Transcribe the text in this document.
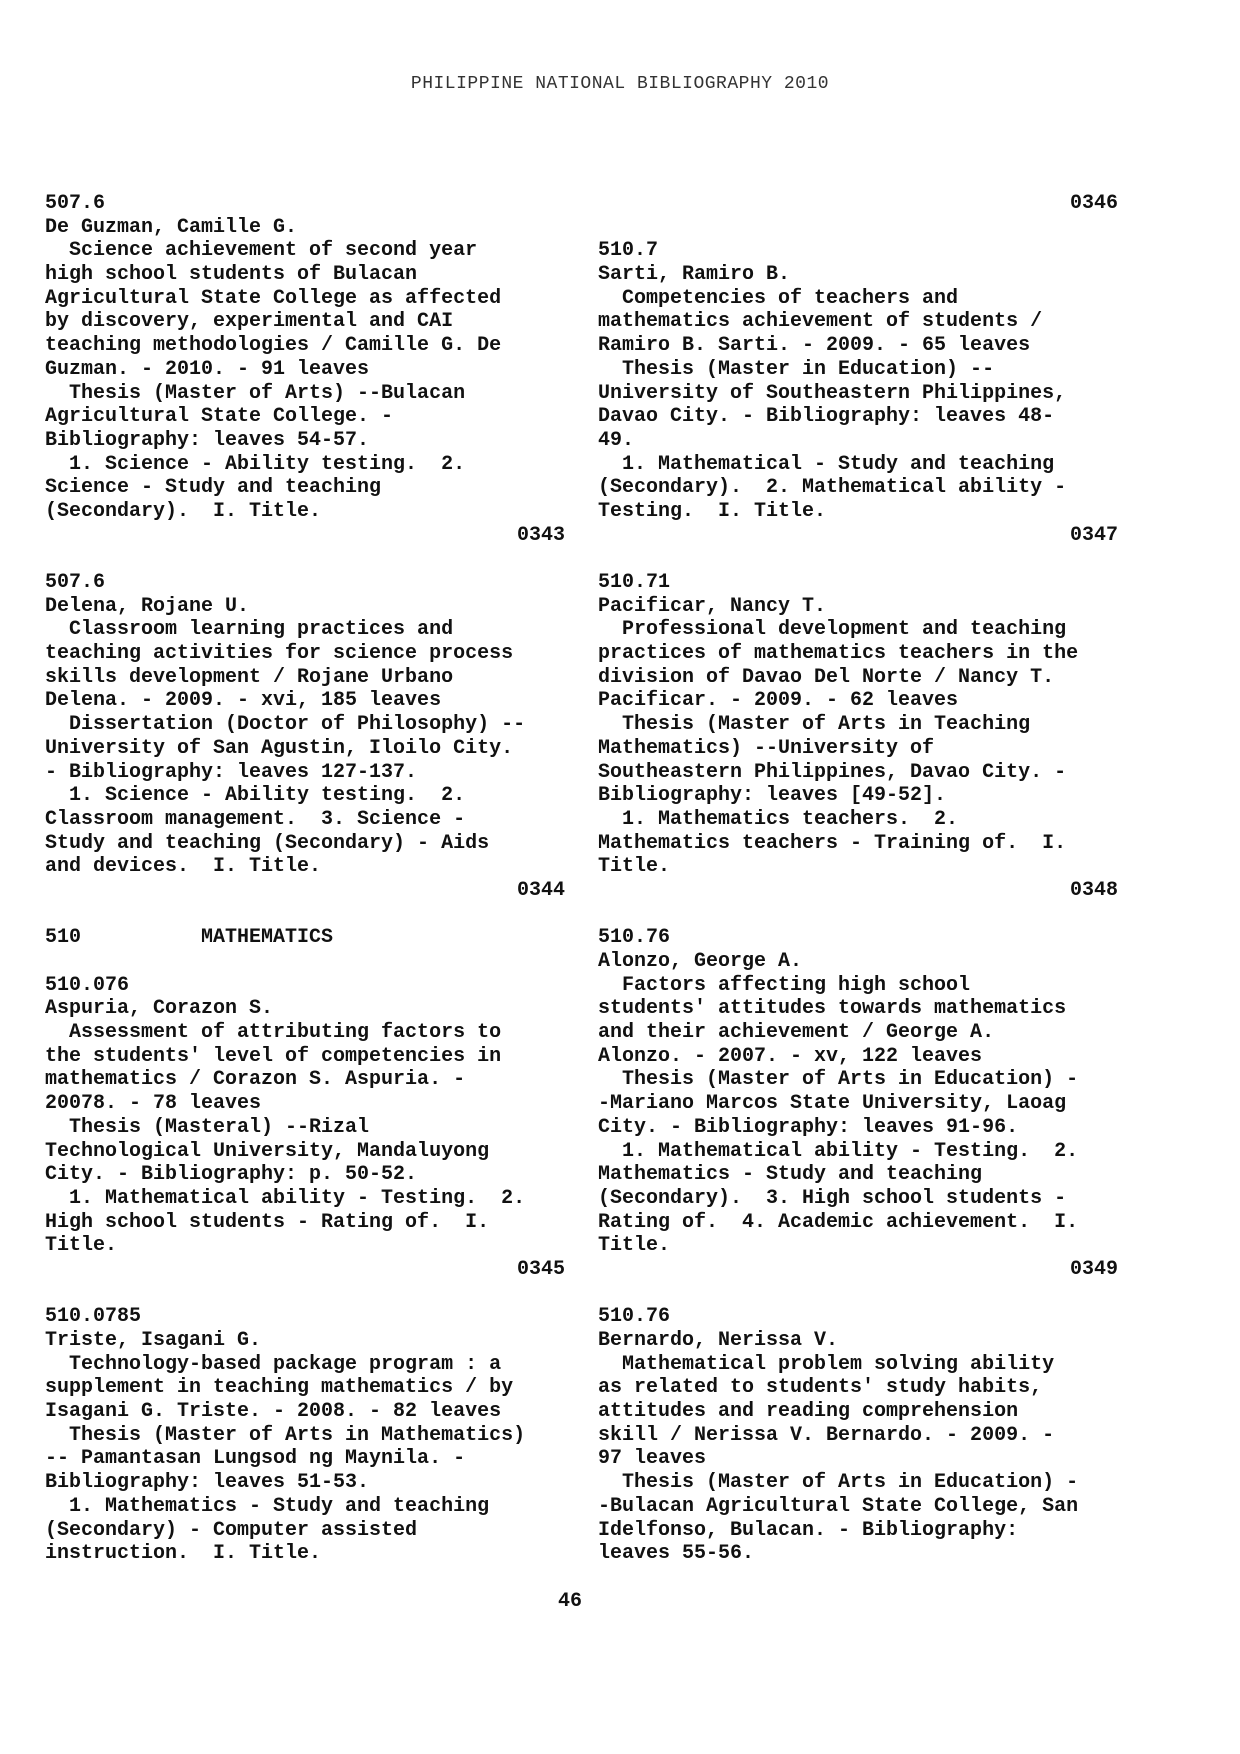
PHILIPPINE NATIONAL BIBLIOGRAPHY 2010
507.6
De Guzman, Camille G.
Science achievement of second year
high school students of Bulacan
Agricultural State College as affected
by discovery, experimental and CAI
teaching methodologies / Camille G. De
Guzman. - 2010. - 91 leaves
Thesis (Master of Arts) --Bulacan
Agricultural State College. -
Bibliography: leaves 54-57.
1. Science - Ability testing.  2.
Science - Study and teaching
(Secondary).  I. Title.
0343
507.6
Delena, Rojane U.
Classroom learning practices and
teaching activities for science process
skills development / Rojane Urbano
Delena. - 2009. - xvi, 185 leaves
Dissertation (Doctor of Philosophy) --
University of San Agustin, Iloilo City.
- Bibliography: leaves 127-137.
1. Science - Ability testing.  2.
Classroom management.  3. Science -
Study and teaching (Secondary) - Aids
and devices.  I. Title.
0344
510	MATHEMATICS
510.076
Aspuria, Corazon S.
Assessment of attributing factors to
the students' level of competencies in
mathematics / Corazon S. Aspuria. -
20078. - 78 leaves
Thesis (Masteral) --Rizal
Technological University, Mandaluyong
City. - Bibliography: p. 50-52.
1. Mathematical ability - Testing.  2.
High school students - Rating of.  I.
Title.
0345
510.0785
Triste, Isagani G.
Technology-based package program : a
supplement in teaching mathematics / by
Isagani G. Triste. - 2008. - 82 leaves
Thesis (Master of Arts in Mathematics)
-- Pamantasan Lungsod ng Maynila. -
Bibliography: leaves 51-53.
1. Mathematics - Study and teaching
(Secondary) - Computer assisted
instruction.  I. Title.
0346
510.7
Sarti, Ramiro B.
Competencies of teachers and
mathematics achievement of students /
Ramiro B. Sarti. - 2009. - 65 leaves
Thesis (Master in Education) --
University of Southeastern Philippines,
Davao City. - Bibliography: leaves 48-
49.
1. Mathematical - Study and teaching
(Secondary).  2. Mathematical ability -
Testing.  I. Title.
0347
510.71
Pacificar, Nancy T.
Professional development and teaching
practices of mathematics teachers in the
division of Davao Del Norte / Nancy T.
Pacificar. - 2009. - 62 leaves
Thesis (Master of Arts in Teaching
Mathematics) --University of
Southeastern Philippines, Davao City. -
Bibliography: leaves [49-52].
1. Mathematics teachers.  2.
Mathematics teachers - Training of.  I.
Title.
0348
510.76
Alonzo, George A.
Factors affecting high school
students' attitudes towards mathematics
and their achievement / George A.
Alonzo. - 2007. - xv, 122 leaves
Thesis (Master of Arts in Education) -
-Mariano Marcos State University, Laoag
City. - Bibliography: leaves 91-96.
1. Mathematical ability - Testing.  2.
Mathematics - Study and teaching
(Secondary).  3. High school students -
Rating of.  4. Academic achievement.  I.
Title.
0349
510.76
Bernardo, Nerissa V.
Mathematical problem solving ability
as related to students' study habits,
attitudes and reading comprehension
skill / Nerissa V. Bernardo. - 2009. -
97 leaves
Thesis (Master of Arts in Education) -
-Bulacan Agricultural State College, San
Idelfonso, Bulacan. - Bibliography:
leaves 55-56.
46
